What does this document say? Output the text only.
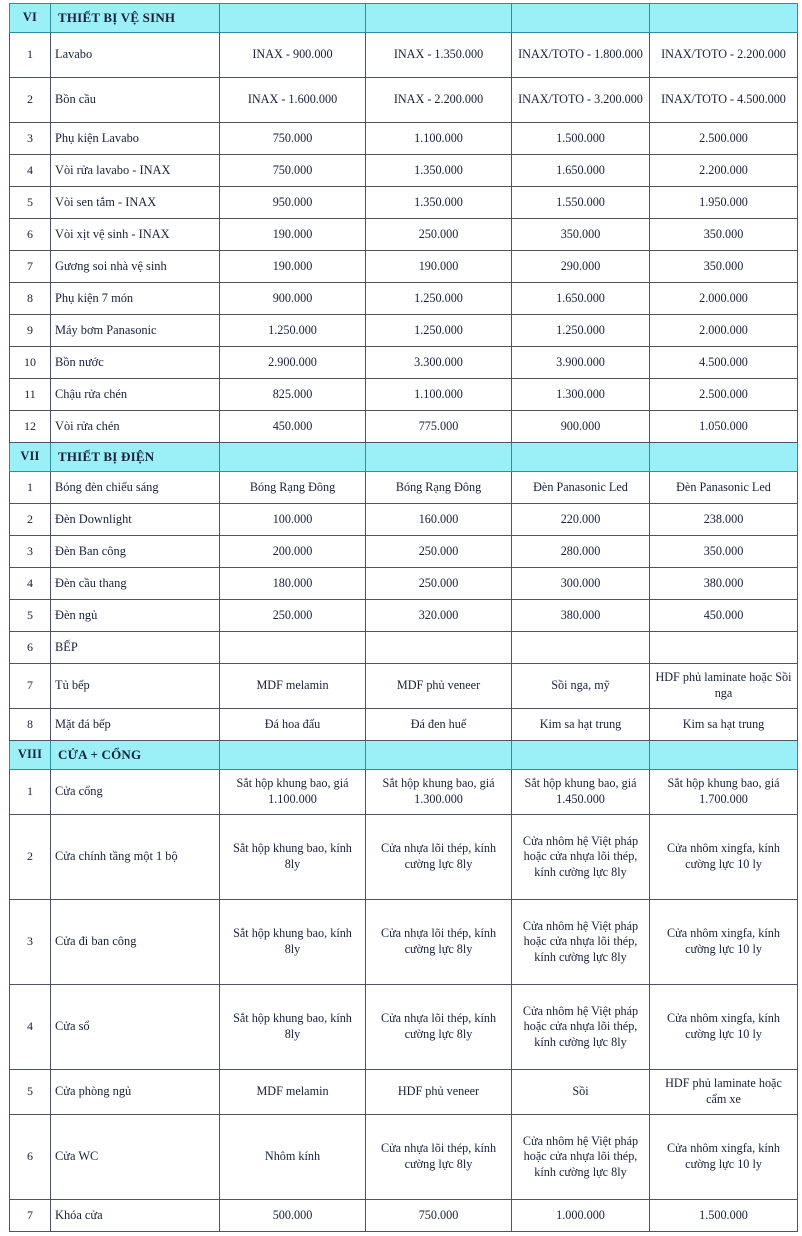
VI	THIẾT BỊ VỆ SINH				
1	Lavabo	INAX - 900.000	INAX - 1.350.000	INAX/TOTO - 1.800.000	INAX/TOTO - 2.200.000
2	Bồn cầu	INAX - 1.600.000	INAX - 2.200.000	INAX/TOTO - 3.200.000	INAX/TOTO - 4.500.000
3	Phụ kiện Lavabo	750.000	1.100.000	1.500.000	2.500.000
4	Vòi rửa lavabo - INAX	750.000	1.350.000	1.650.000	2.200.000
5	Vòi sen tắm - INAX	950.000	1.350.000	1.550.000	1.950.000
6	Vòi xịt vệ sinh - INAX	190.000	250.000	350.000	350.000
7	Gương soi nhà vệ sinh	190.000	190.000	290.000	350.000
8	Phụ kiện 7 món	900.000	1.250.000	1.650.000	2.000.000
9	Máy bơm Panasonic	1.250.000	1.250.000	1.250.000	2.000.000
10	Bồn nước	2.900.000	3.300.000	3.900.000	4.500.000
11	Chậu rửa chén	825.000	1.100.000	1.300.000	2.500.000
12	Vòi rửa chén	450.000	775.000	900.000	1.050.000
VII	THIẾT BỊ ĐIỆN				
1	Bóng đèn chiếu sáng	Bóng Rạng Đông	Bóng Rạng Đông	Đèn Panasonic Led	Đèn Panasonic Led
2	Đèn Downlight	100.000	160.000	220.000	238.000
3	Đèn Ban công	200.000	250.000	280.000	350.000
4	Đèn cầu thang	180.000	250.000	300.000	380.000
5	Đèn ngủ	250.000	320.000	380.000	450.000
6	BẾP				
7	Tủ bếp	MDF melamin	MDF phủ veneer	Sồi nga, mỹ	HDF phủ laminate hoặc Sồi nga
8	Mặt đá bếp	Đá hoa đấu	Đá đen huế	Kim sa hạt trung	Kim sa hạt trung
VIII	CỬA + CỔNG				
1	Cửa cổng	Sắt hộp khung bao, giá 1.100.000	Sắt hộp khung bao, giá 1.300.000	Sắt hộp khung bao, giá 1.450.000	Sắt hộp khung bao, giá 1.700.000
2	Cửa chính tầng một 1 bộ	Sắt hộp khung bao, kính 8ly	Cửa nhựa lõi thép, kính cường lực 8ly	Cửa nhôm hệ Việt pháp hoặc cửa nhựa lõi thép, kính cường lực 8ly	Cửa nhôm xingfa, kính cường lực 10 ly
3	Cửa đi ban công	Sắt hộp khung bao, kính 8ly	Cửa nhựa lõi thép, kính cường lực 8ly	Cửa nhôm hệ Việt pháp hoặc cửa nhựa lõi thép, kính cường lực 8ly	Cửa nhôm xingfa, kính cường lực 10 ly
4	Cửa sổ	Sắt hộp khung bao, kính 8ly	Cửa nhựa lõi thép, kính cường lực 8ly	Cửa nhôm hệ Việt pháp hoặc cửa nhựa lõi thép, kính cường lực 8ly	Cửa nhôm xingfa, kính cường lực 10 ly
5	Cửa phòng ngủ	MDF melamin	HDF phủ veneer	Sồi	HDF phủ laminate hoặc cẩm xe
6	Cửa WC	Nhôm kính	Cửa nhựa lõi thép, kính cường lực 8ly	Cửa nhôm hệ Việt pháp hoặc cửa nhựa lõi thép, kính cường lực 8ly	Cửa nhôm xingfa, kính cường lực 10 ly
7	Khóa cửa	500.000	750.000	1.000.000	1.500.000
